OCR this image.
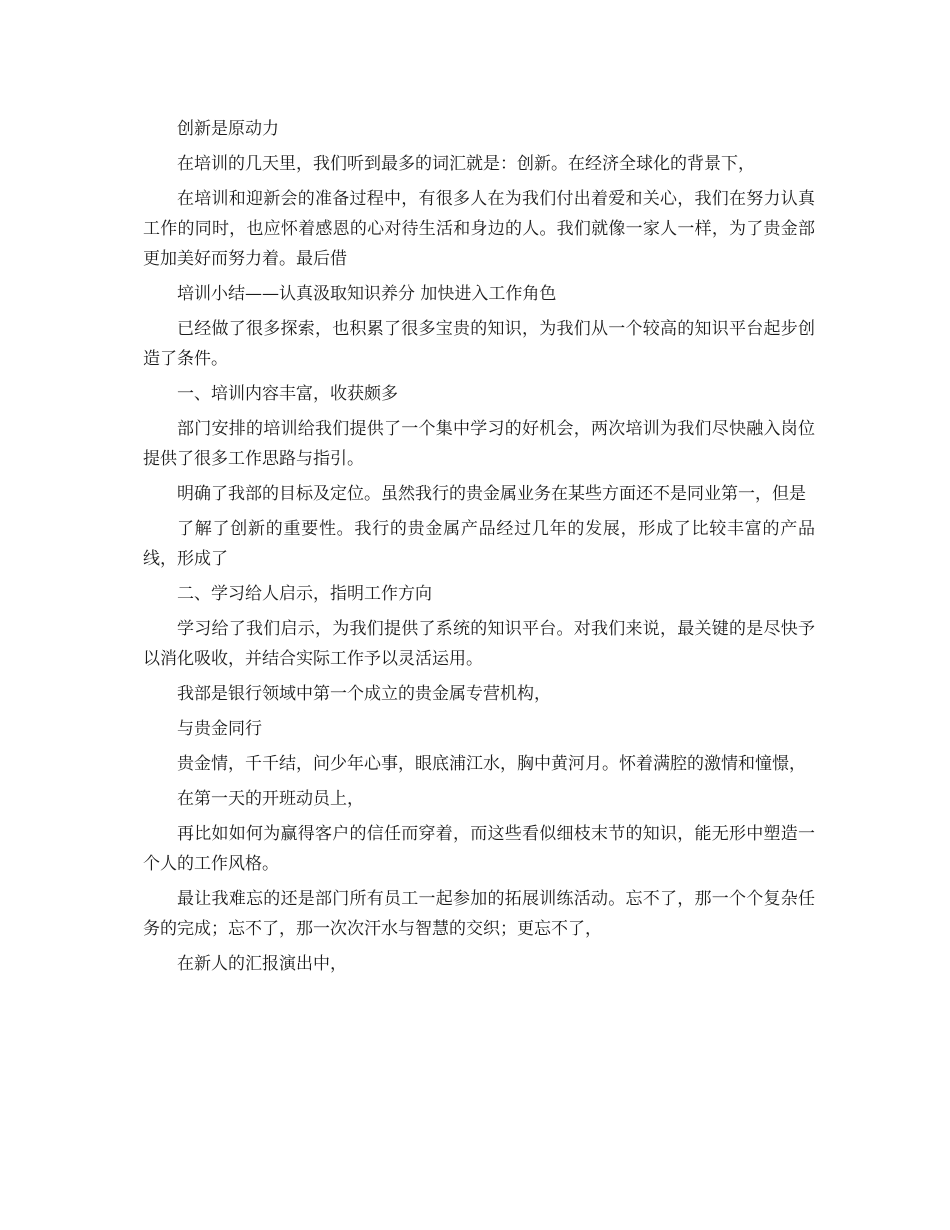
创新是原动力

在培训的几天里，我们听到最多的词汇就是：创新。在经济全球化的背景下，

在培训和迎新会的准备过程中，有很多人在为我们付出着爱和关心，我们在努力认真工作的同时，也应怀着感恩的心对待生活和身边的人。我们就像一家人一样，为了贵金部更加美好而努力着。最后借

培训小结——认真汲取知识养分 加快进入工作角色

已经做了很多探索，也积累了很多宝贵的知识，为我们从一个较高的知识平台起步创造了条件。

一、培训内容丰富，收获颇多

部门安排的培训给我们提供了一个集中学习的好机会，两次培训为我们尽快融入岗位提供了很多工作思路与指引。

明确了我部的目标及定位。虽然我行的贵金属业务在某些方面还不是同业第一，但是

了解了创新的重要性。我行的贵金属产品经过几年的发展，形成了比较丰富的产品线，形成了

二、学习给人启示，指明工作方向

学习给了我们启示，为我们提供了系统的知识平台。对我们来说，最关键的是尽快予以消化吸收，并结合实际工作予以灵活运用。

我部是银行领域中第一个成立的贵金属专营机构，

与贵金同行

贵金情，千千结，问少年心事，眼底浦江水，胸中黄河月。怀着满腔的激情和憧憬，

在第一天的开班动员上，

再比如如何为赢得客户的信任而穿着，而这些看似细枝末节的知识，能无形中塑造一个人的工作风格。

最让我难忘的还是部门所有员工一起参加的拓展训练活动。忘不了，那一个个复杂任务的完成；忘不了，那一次次汗水与智慧的交织；更忘不了，

在新人的汇报演出中，
